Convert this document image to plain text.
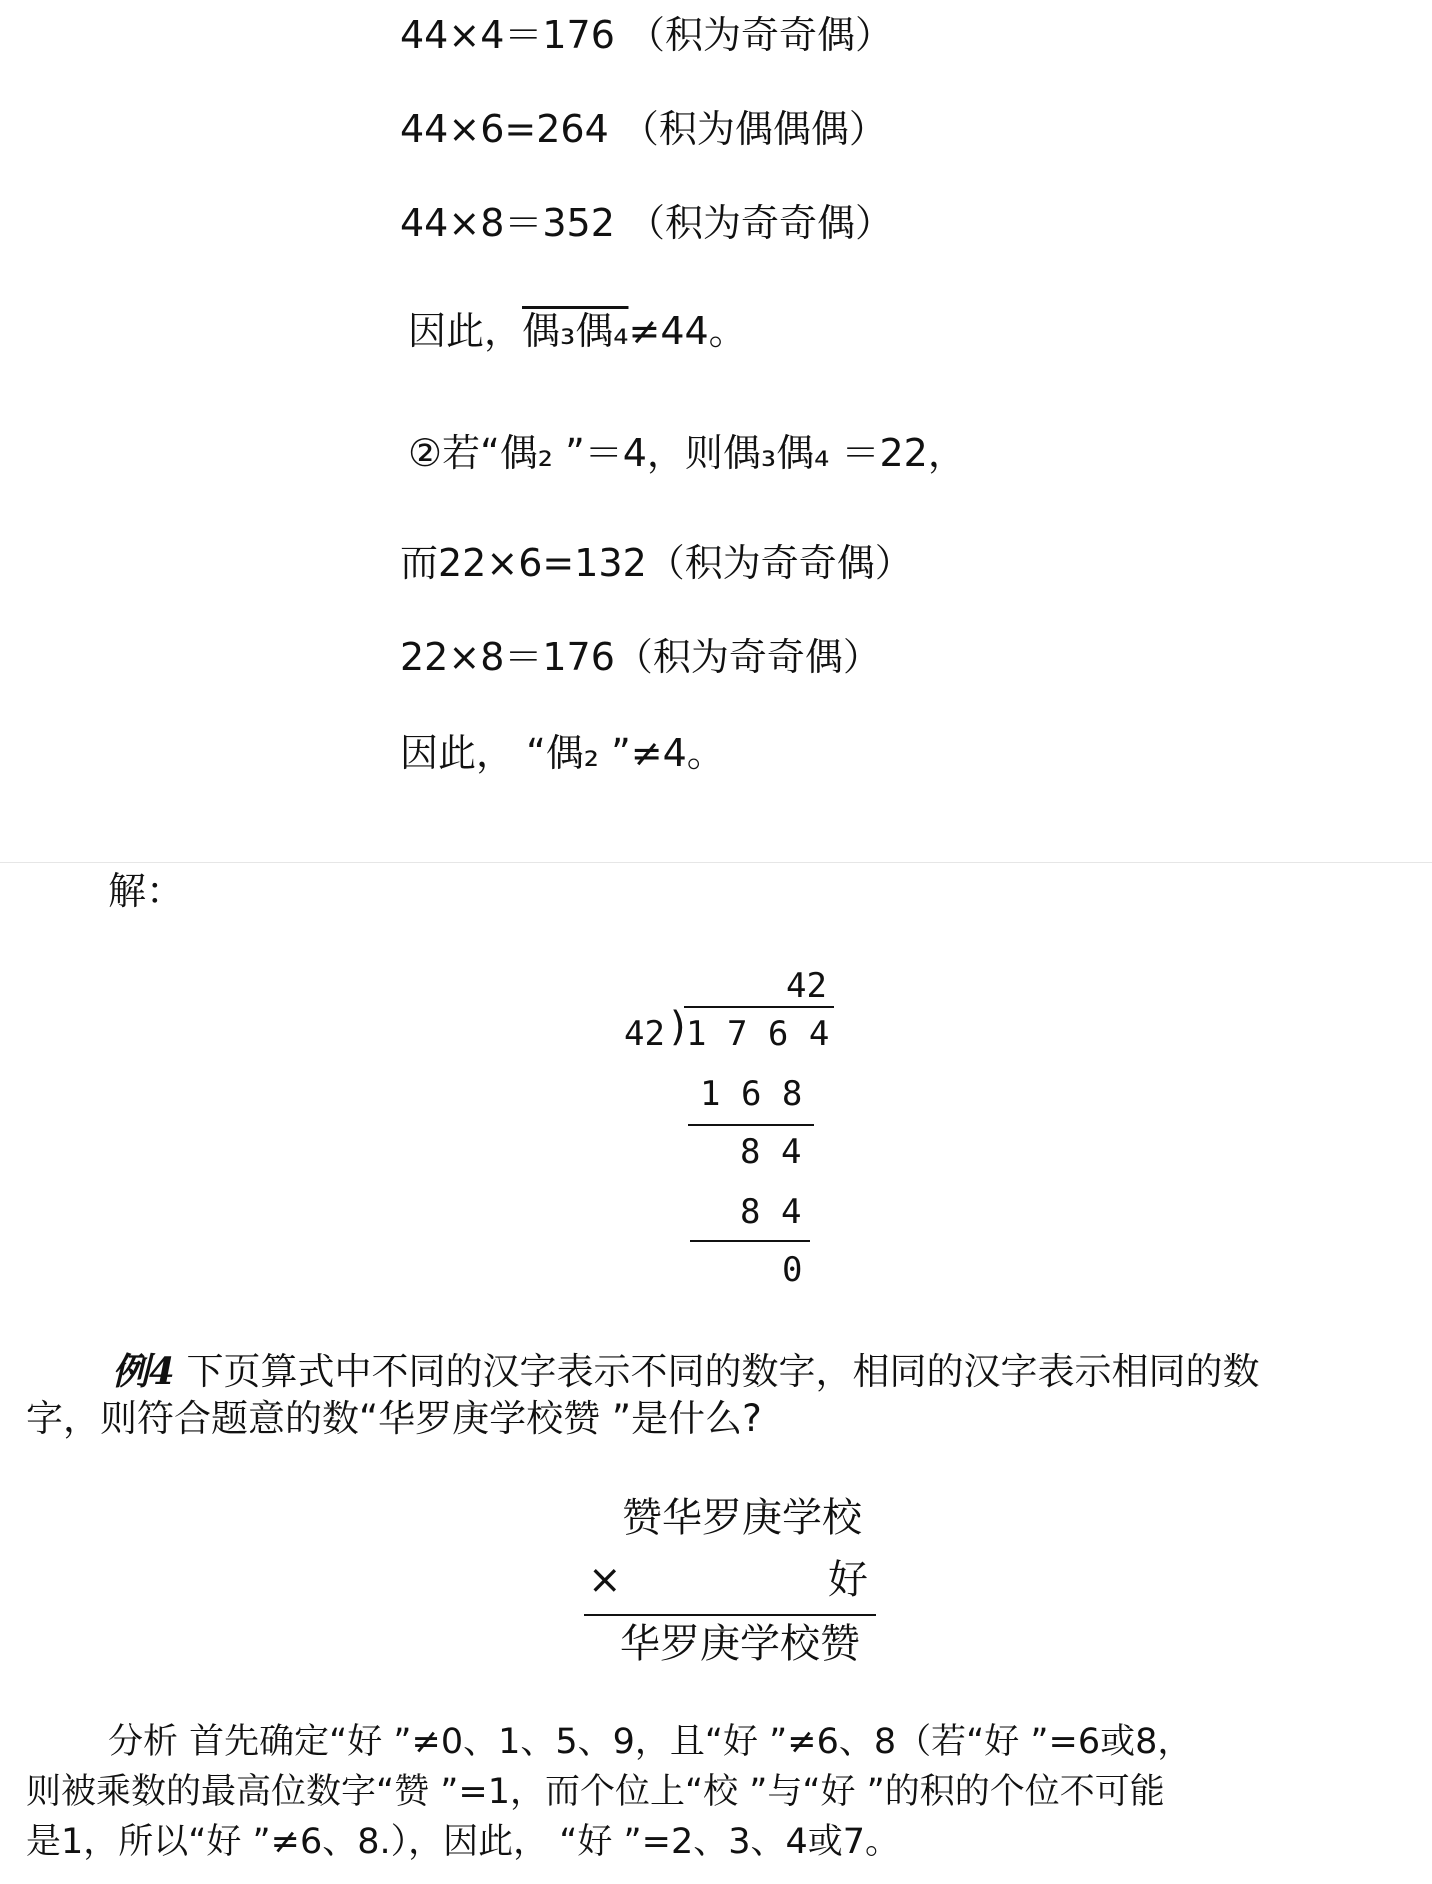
44×4＝176 （积为奇奇偶）
44×6=264 （积为偶偶偶）
44×8＝352 （积为奇奇偶）
因此，偶₃偶₄≠44。
②若“偶₂ ”＝4，则偶₃偶₄ ＝22，
而22×6=132（积为奇奇偶）
22×8＝176（积为奇奇偶）
因此， “偶₂ ”≠4。
解：
42
42 ) 1 7 6 4
1 6 8
8 4
8 4
0
例4 下页算式中不同的汉字表示不同的数字，相同的汉字表示相同的数
字，则符合题意的数“华罗庚学校赞 ”是什么?
赞华罗庚学校
×	好
华罗庚学校赞
分析 首先确定“好 ”≠0、1、5、9，且“好 ”≠6、8（若“好 ”=6或8，
则被乘数的最高位数字“赞 ”=1，而个位上“校 ”与“好 ”的积的个位不可能
是1，所以“好 ”≠6、8.），因此， “好 ”=2、3、4或7。
